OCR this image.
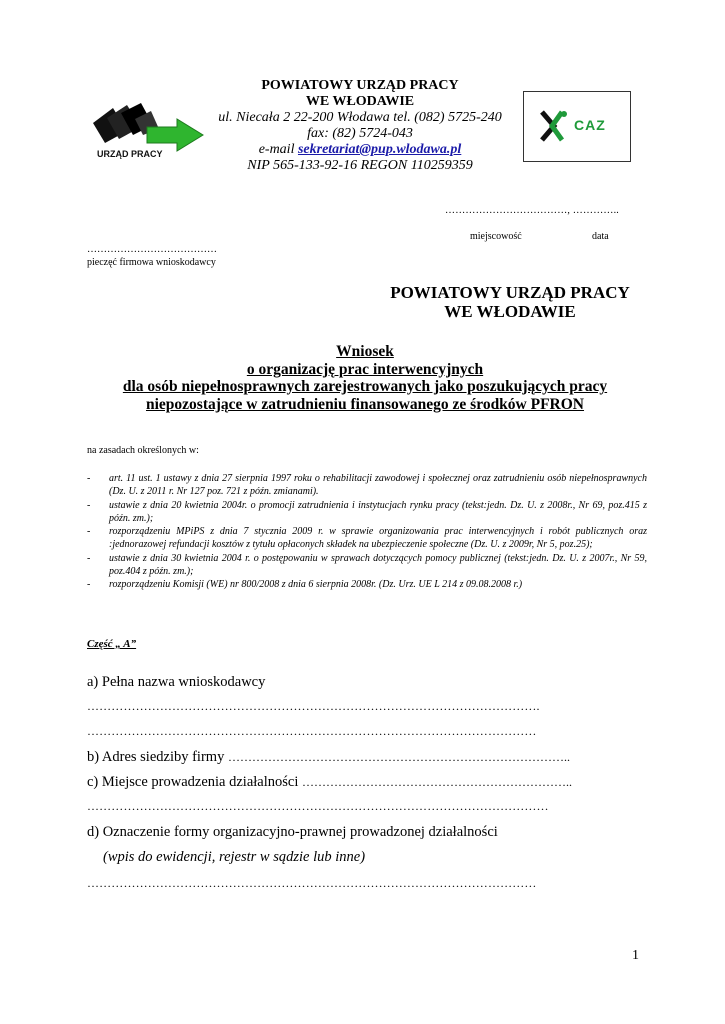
URZĄD PRACY
POWIATOWY URZĄD PRACY
WE WŁODAWIE
ul. Niecała 2 22-200 Włodawa tel. (082) 5725-240
fax: (82) 5724-043
e-mail sekretariat@pup.wlodawa.pl
NIP 565-133-92-16 REGON 110259359
CAZ
………………………………, …………..
miejscowość	data
…………………………………
pieczęć firmowa wnioskodawcy
POWIATOWY URZĄD PRACY
WE WŁODAWIE
Wniosek
o organizację prac interwencyjnych
dla osób niepełnosprawnych zarejestrowanych jako poszukujących pracy
niepozostające w zatrudnieniu finansowanego ze środków PFRON
na zasadach określonych w:
-	art. 11 ust. 1 ustawy z dnia 27 sierpnia 1997 roku o rehabilitacji zawodowej i społecznej oraz zatrudnieniu osób niepełnosprawnych (Dz. U. z 2011 r. Nr 127 poz. 721 z późn. zmianami).
-	ustawie z dnia 20 kwietnia 2004r. o promocji zatrudnienia i instytucjach rynku pracy (tekst:jedn. Dz. U. z 2008r., Nr 69, poz.415 z późn. zm.);
-	rozporządzeniu MPiPS z dnia 7 stycznia 2009 r. w sprawie organizowania prac interwencyjnych i robót publicznych oraz :jednorazowej refundacji kosztów z tytułu opłaconych składek na ubezpieczenie społeczne (Dz. U. z 2009r, Nr 5, poz.25);
-	ustawie z dnia 30 kwietnia 2004 r. o postępowaniu w sprawach dotyczących pomocy publicznej (tekst:jedn. Dz. U. z 2007r., Nr 59, poz.404 z późn. zm.);
-	rozporządzeniu Komisji (WE) nr 800/2008 z dnia 6 sierpnia 2008r. (Dz. Urz. UE L 214 z 09.08.2008 r.)
Część „ A”
a) Pełna nazwa wnioskodawcy
………………………………………………………………………………………………….
…………………………………………………………………………………………………
b) Adres siedziby firmy …………………………………………………………………………..
c) Miejsce prowadzenia działalności …………………………………………………………..
……………………………………………………………………………………………………
d) Oznaczenie formy organizacyjno-prawnej prowadzonej działalności
(wpis do ewidencji, rejestr w sądzie lub inne)
…………………………………………………………………………………………………
1
